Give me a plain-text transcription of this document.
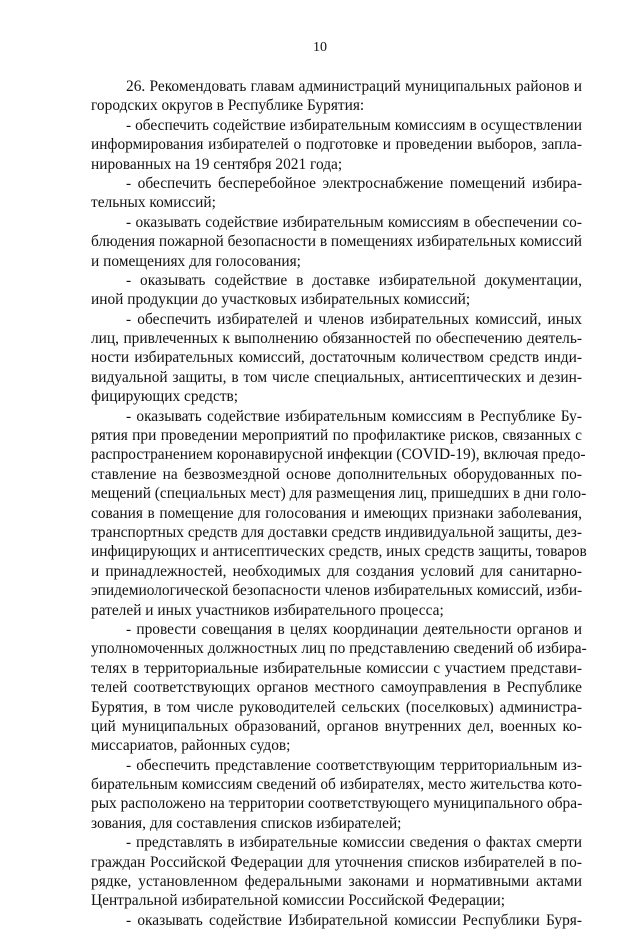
10
26. Рекомендовать главам администраций муниципальных районов и
городских округов в Республике Бурятия:
- обеспечить содействие избирательным комиссиям в осуществлении
информирования избирателей о подготовке и проведении выборов, запла-
нированных на 19 сентября 2021 года;
- обеспечить бесперебойное электроснабжение помещений избира-
тельных комиссий;
- оказывать содействие избирательным комиссиям в обеспечении со-
блюдения пожарной безопасности в помещениях избирательных комиссий
и помещениях для голосования;
- оказывать содействие в доставке избирательной документации,
иной продукции до участковых избирательных комиссий;
- обеспечить избирателей и членов избирательных комиссий, иных
лиц, привлеченных к выполнению обязанностей по обеспечению деятель-
ности избирательных комиссий, достаточным количеством средств инди-
видуальной защиты, в том числе специальных, антисептических и дезин-
фицирующих средств;
- оказывать содействие избирательным комиссиям в Республике Бу-
рятия при проведении мероприятий по профилактике рисков, связанных с
распространением коронавирусной инфекции (COVID-19), включая предо-
ставление на безвозмездной основе дополнительных оборудованных по-
мещений (специальных мест) для размещения лиц, пришедших в дни голо-
сования в помещение для голосования и имеющих признаки заболевания,
транспортных средств для доставки средств индивидуальной защиты, дез-
инфицирующих и антисептических средств, иных средств защиты, товаров
и принадлежностей, необходимых для создания условий для санитарно-
эпидемиологической безопасности членов избирательных комиссий, изби-
рателей и иных участников избирательного процесса;
- провести совещания в целях координации деятельности органов и
уполномоченных должностных лиц по представлению сведений об избира-
телях в территориальные избирательные комиссии с участием представи-
телей соответствующих органов местного самоуправления в Республике
Бурятия, в том числе руководителей сельских (поселковых) администра-
ций муниципальных образований, органов внутренних дел, военных ко-
миссариатов, районных судов;
- обеспечить представление соответствующим территориальным из-
бирательным комиссиям сведений об избирателях, место жительства кото-
рых расположено на территории соответствующего муниципального обра-
зования, для составления списков избирателей;
- представлять в избирательные комиссии сведения о фактах смерти
граждан Российской Федерации для уточнения списков избирателей в по-
рядке, установленном федеральными законами и нормативными актами
Центральной избирательной комиссии Российской Федерации;
- оказывать содействие Избирательной комиссии Республики Буря-
